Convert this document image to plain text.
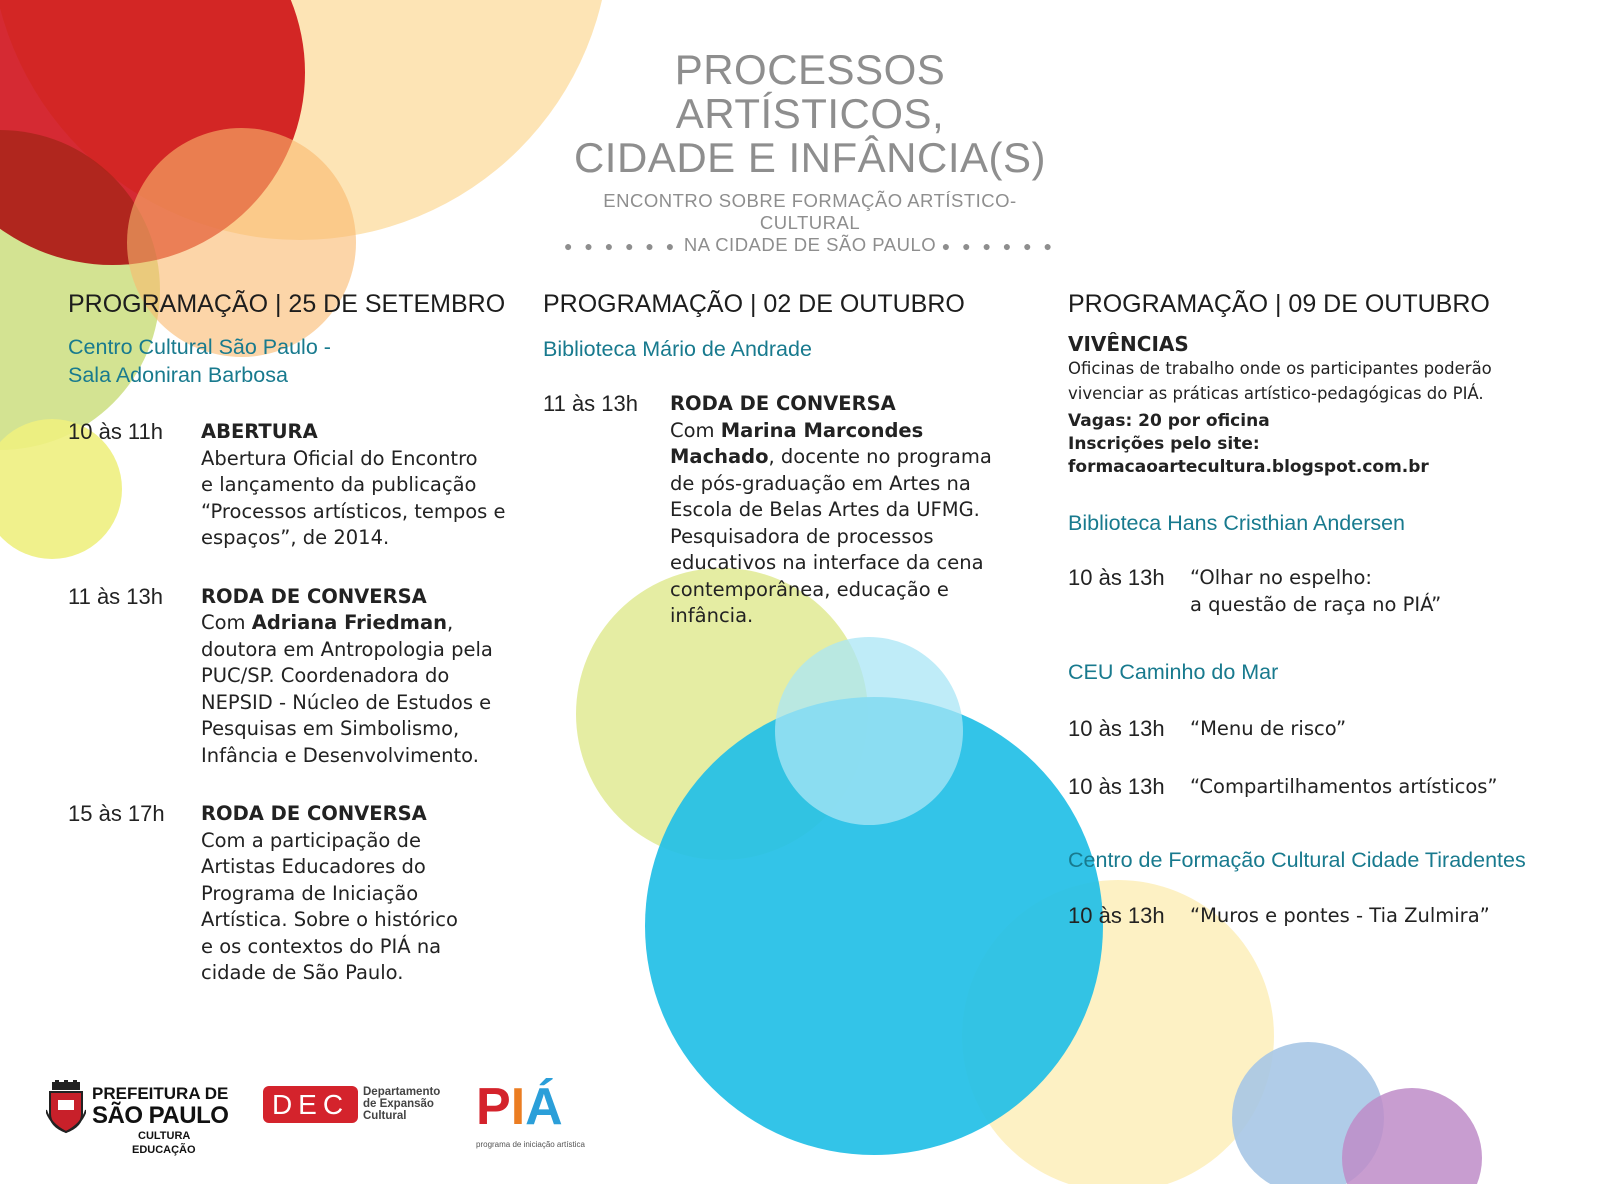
PROCESSOS ARTÍSTICOS,
CIDADE E INFÂNCIA(S)
ENCONTRO SOBRE FORMAÇÃO ARTÍSTICO-CULTURAL
● ● ● ● ● ● NA CIDADE DE SÃO PAULO ● ● ● ● ● ●
PROGRAMAÇÃO | 25 DE SETEMBRO
Centro Cultural São Paulo -
Sala Adoniran Barbosa
10 às 11h	ABERTURA
Abertura Oficial do Encontro
e lançamento da publicação
“Processos artísticos, tempos e
espaços”, de 2014.
11 às 13h	RODA DE CONVERSA
Com Adriana Friedman,
doutora em Antropologia pela
PUC/SP. Coordenadora do
NEPSID - Núcleo de Estudos e
Pesquisas em Simbolismo,
Infância e Desenvolvimento.
15 às 17h	RODA DE CONVERSA
Com a participação de
Artistas Educadores do
Programa de Iniciação
Artística. Sobre o histórico
e os contextos do PIÁ na
cidade de São Paulo.
PROGRAMAÇÃO | 02 DE OUTUBRO
Biblioteca Mário de Andrade
11 às 13h	RODA DE CONVERSA
Com Marina Marcondes
Machado, docente no programa
de pós-graduação em Artes na
Escola de Belas Artes da UFMG.
Pesquisadora de processos
educativos na interface da cena
contemporânea, educação e
infância.
PROGRAMAÇÃO | 09 DE OUTUBRO
VIVÊNCIAS
Oficinas de trabalho onde os participantes poderão
vivenciar as práticas artístico-pedagógicas do PIÁ.
Vagas: 20 por oficina
Inscrições pelo site:
formacaoartecultura.blogspot.com.br
Biblioteca Hans Cristhian Andersen
10 às 13h	“Olhar no espelho:
a questão de raça no PIÁ”
CEU Caminho do Mar
10 às 13h	“Menu de risco”
10 às 13h	“Compartilhamentos artísticos”
Centro de Formação Cultural Cidade Tiradentes
10 às 13h	“Muros e pontes - Tia Zulmira”
PREFEITURA DE
SÃO PAULO
CULTURA
EDUCAÇÃO
DEC Departamento
de Expansão
Cultural	PIÁ
programa de iniciação artística
